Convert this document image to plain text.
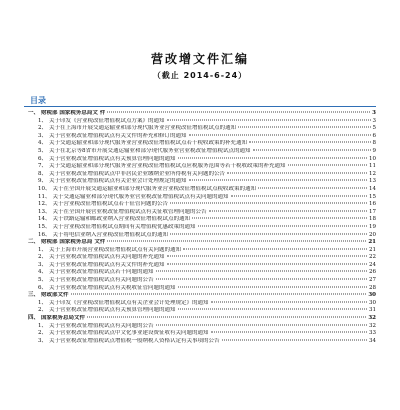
营改增文件汇编
（截止 2014-6-24）
目录
一、 财税部 国家税务总局文 件	3
1、 关于印发《营业税改征增值税试点方案》的通知	3
2、 关于在上海市开展交通运输业和部分现代服务业营业税改征增值税试点的通知	5
3、 关于营业税改征增值税试点有关文件的补充和修订的通知	6
4、 关于交通运输业和部分现代服务业营业税改征增值税试点若干税收政策的补充通知	8
5、 关于在北京等8省市开展交通运输业和部分现代服务业营业税改征增值税试点的通知	9
6、 关于营业税改征增值税试点有关预算管理问题的通知	10
7、 关于交通运输业和部分现代服务业营业税改征增值税试点应税服务范围等若干税收政策的补充通知	11
8、 关于营业税改征增值税试点中非居民企业缴纳企业所得税有关问题的公告	12
9、 关于营业税改征增值税试点有关企业会计处理规定的通知	13
10、 关于在全国开展交通运输业和部分现代服务业营业税改征增值税试点税收政策的通知	14
11、 关于交通运输业和部分现代服务业营业税改征增值税试点有关问题的通知	15
12、 关于营业税改征增值税试点若干征管问题的公告	16
13、 关于在全国开展营业税改征增值税试点有关征收管理问题的公告	17
14、 关于铁路运输和邮政业纳入营业税改征增值税试点的通知	18
15、 关于营业税改征增值税试点期间有关增值税优惠政策的通知	19
16、 关于将电信业纳入营业税改征增值税试点的通知	20
二、 财税部 国家税务总局 文件	21
1、 关于上海市开展营业税改征增值税试点有关问题的通知	21
2、 关于营业税改征增值税试点有关问题的补充通知	22
3、 关于营业税改征增值税试点有关文件的补充通知	24
4、 关于营业税改征增值税试点若干问题的通知	26
5、 关于营业税改征增值税试点有关问题的公告	27
6、 关于营业税改征增值税试点有关税收征管问题的通知	28
三、 财政部文件	30
1、 关于印发《营业税改征增值税试点有关企业会计处理规定》的通知	30
2、 关于营业税改征增值税试点有关预算管理问题的通知	31
四、 国家税务总局文件	32
1、 关于营业税改征增值税试点有关问题的公告	32
2、 关于营业税改征增值税试点中文化事业建设费征收有关问题的通知	33
3、 关于营业税改征增值税试点增值税一般纳税人资格认定有关事项的公告	34
